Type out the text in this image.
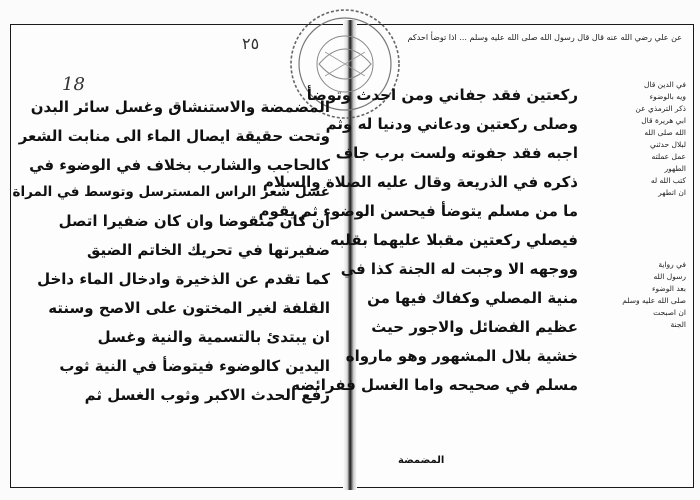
18
٢٥
المضمضة والاستنشاق وغسل سائر البدن
وتحت حقيقة ايصال الماء الى منابت الشعر
كالحاجب والشارب بخلاف في الوضوء في
غسل شعر الراس المسترسل وتوسط في المراة
ان كان منقوضا وان كان ضفيرا اتصل
ضفيرتها في تحريك الخاتم الضيق
كما تقدم عن الذخيرة وادخال الماء داخل
القلفة لغير المختون على الاصح وسنته
ان يبتدئ بالتسمية والنية وغسل
اليدين كالوضوء فيتوضأ في النية ثوب
رفع الحدث الاكبر وثوب الغسل ثم
عن علي رضي الله عنه قال قال رسول الله صلى الله عليه وسلم ... اذا توضأ احدكم
ركعتين فقد جفاني ومن احدث وتوضأ
وصلى ركعتين ودعاني ودنيا له وثم
اجبه فقد جفوته ولست برب جاف
ذكره في الذريعة وقال عليه الصلاة والسلام
ما من مسلم يتوضأ فيحسن الوضوء ثم يقوم
فيصلي ركعتين مقبلا عليهما بقلبه
ووجهه الا وجبت له الجنة كذا في
منية المصلي وكفاك فيها من
عظيم الفضائل والاجور حيث
خشية بلال المشهور وهو مارواه
مسلم في صحيحه واما الغسل ففرائضه
المضمضة
في الدين قال
ويه بالوضوء
ذكر الترمذي عن
ابي هريرة قال
الله صلى الله
لبلال حدثني
عمل عملته
الطهور
كتب الله له
ان اتطهر
في رواية
رسول الله
بعد الوضوء
صلى الله عليه وسلم
ان اصبحت
الجنة
